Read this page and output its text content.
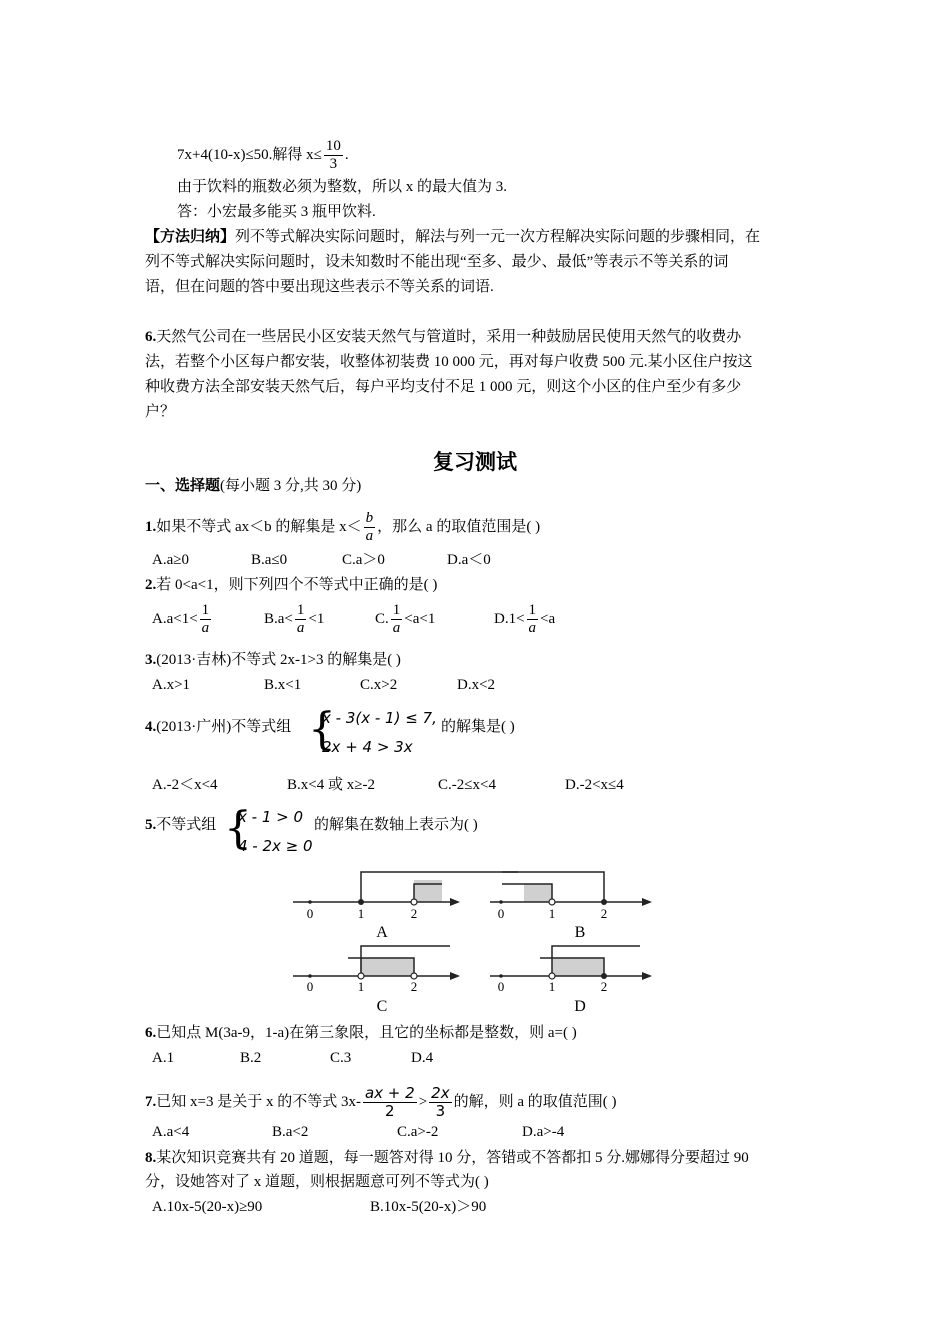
7x+4(10-x)≤50.解得 $x\le \frac{10}{3}$ .
由于饮料的瓶数必须为整数，所以 x 的最大值为 3.
答：小宏最多能买 3 瓶甲饮料.
【方法归纳】列不等式解决实际问题时，解法与列一元一次方程解决实际问题的步骤相同，在
列不等式解决实际问题时，设未知数时不能出现“至多、最少、最低”等表示不等关系的词
语，但在问题的答中要出现这些表示不等关系的词语.
6.天然气公司在一些居民小区安装天然气与管道时，采用一种鼓励居民使用天然气的收费办
法，若整个小区每户都安装，收整体初装费 10 000 元，再对每户收费 500 元.某小区住户按这
种收费方法全部安装天然气后，每户平均支付不足 1 000 元，则这个小区的住户至少有多少
户？
复习测试
一、选择题(每小题 3 分,共 30 分)
1.如果不等式 ax＜b 的解集是 $x< \frac{b}{a}$ ，那么 a 的取值范围是( )
A.a≥0	B.a≤0	C.a＞0	D.a＜0
2.若 0<a<1，则下列四个不等式中正确的是( )
$A.a<1< \frac{1}{a}$	$B.a< \frac{1}{a} <1$	C. $\frac{1}{a} <a<1$	$D.1< \frac{1}{a} <a$
3.(2013·吉林)不等式 2x-1>3 的解集是( )
A.x>1	B.x<1	C.x>2	D.x<2
4.(2013·广州)不等式组 {
x - 3(x - 1) ≤ 7,
2x + 4 > 3x
的解集是( )
A.-2＜x<4	B.x<4 或 x≥-2	C.-2≤x<4	D.-2<x≤4
5.不等式组 {
x - 1 > 0
4 - 2x ≥ 0
的解集在数轴上表示为( )
0	1	2
A
0	1	2
B
0	1	2
C
0	1	2
D
6.已知点 M(3a-9，1-a)在第三象限，且它的坐标都是整数，则 a=( )
A.1	B.2	C.3	D.4
7.已知 x=3 是关于 x 的不等式 $3x- \frac{ax + 2}{2} > \frac{2x}{3}$ 的解，则 a 的取值范围( )
A.a<4	B.a<2	C.a>-2	D.a>-4
8.某次知识竞赛共有 20 道题，每一题答对得 10 分，答错或不答都扣 5 分.娜娜得分要超过 90
分，设她答对了 x 道题，则根据题意可列不等式为( )
A.10x-5(20-x)≥90	B.10x-5(20-x)＞90
